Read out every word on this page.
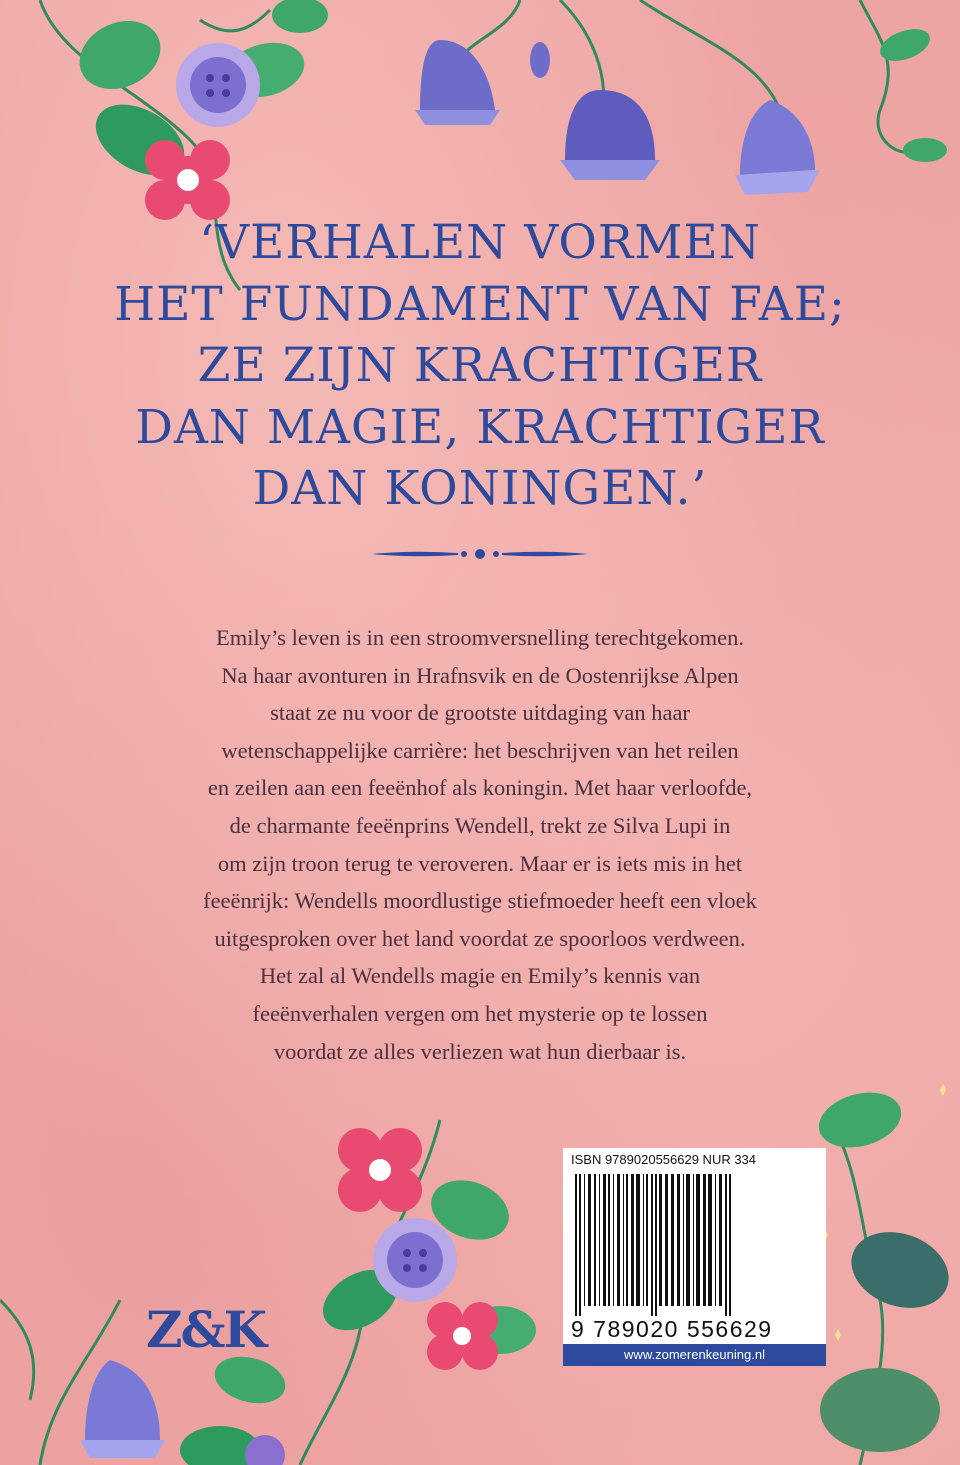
‘VERHALEN VORMEN
HET FUNDAMENT VAN FAE;
ZE ZIJN KRACHTIGER
DAN MAGIE, KRACHTIGER
DAN KONINGEN.’
Emily’s leven is in een stroomversnelling terechtgekomen.
Na haar avonturen in Hrafnsvik en de Oostenrijkse Alpen
staat ze nu voor de grootste uitdaging van haar
wetenschappelijke carrière: het beschrijven van het reilen
en zeilen aan een feeënhof als koningin. Met haar verloofde,
de charmante feeënprins Wendell, trekt ze Silva Lupi in
om zijn troon terug te veroveren. Maar er is iets mis in het
feeënrijk: Wendells moordlustige stiefmoeder heeft een vloek
uitgesproken over het land voordat ze spoorloos verdween.
Het zal al Wendells magie en Emily’s kennis van
feeënverhalen vergen om het mysterie op te lossen
voordat ze alles verliezen wat hun dierbaar is.
Z&K
ISBN 9789020556629 NUR 334
9 789020 556629
www.zomerenkeuning.nl
